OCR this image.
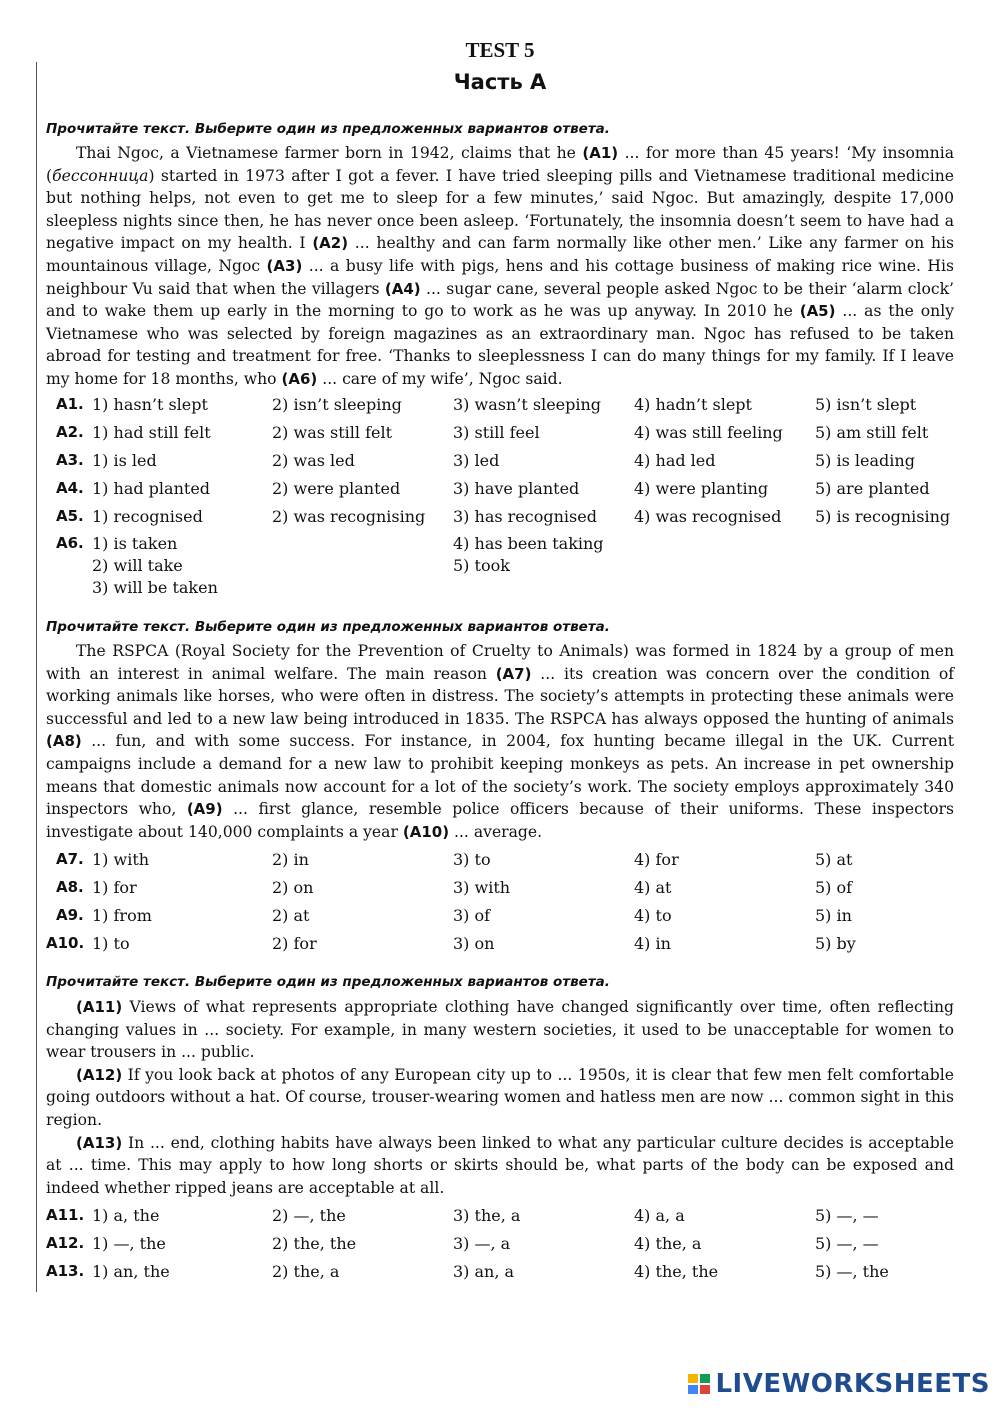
TEST 5
Часть А
Прочитайте текст. Выберите один из предложенных вариантов ответа.

Thai Ngoc, a Vietnamese farmer born in 1942, claims that he (A1) ... for more than 45 years! ‘My insomnia (бессонница) started in 1973 after I got a fever. I have tried sleeping pills and Vietnamese traditional medicine but nothing helps, not even to get me to sleep for a few minutes,’ said Ngoc. But amazingly, despite 17,000 sleepless nights since then, he has never once been asleep. ‘Fortunately, the insomnia doesn’t seem to have had a negative impact on my health. I (A2) ... healthy and can farm normally like other men.’ Like any farmer on his mountainous village, Ngoc (A3) ... a busy life with pigs, hens and his cottage business of making rice wine. His neighbour Vu said that when the villagers (A4) ... sugar cane, several people asked Ngoc to be their ‘alarm clock’ and to wake them up early in the morning to go to work as he was up anyway. In 2010 he (A5) ... as the only Vietnamese who was selected by foreign magazines as an extraordinary man. Ngoc has refused to be taken abroad for testing and treatment for free. ‘Thanks to sleeplessness I can do many things for my family. If I leave my home for 18 months, who (A6) ... care of my wife’, Ngoc said.

A1. 1) hasn’t slept	2) isn’t sleeping	3) wasn’t sleeping 4) hadn’t slept	5) isn’t slept
A2. 1) had still felt	2) was still felt	3) still feel	4) was still feeling 5) am still felt
A3. 1) is led	2) was led	3) led	4) had led	5) is leading
A4. 1) had planted	2) were planted	3) have planted	4) were planting	5) are planted
A5. 1) recognised	2) was recognising 3) has recognised 4) was recognised 5) is recognising
A6. 1) is taken
2) will take
3) will be taken
4) has been taking
5) took
Прочитайте текст. Выберите один из предложенных вариантов ответа.

The RSPCA (Royal Society for the Prevention of Cruelty to Animals) was formed in 1824 by a group of men with an interest in animal welfare. The main reason (A7) ... its creation was concern over the condition of working animals like horses, who were often in distress. The society’s attempts in protecting these animals were successful and led to a new law being introduced in 1835. The RSPCA has always opposed the hunting of animals (A8) ... fun, and with some success. For instance, in 2004, fox hunting became illegal in the UK. Current campaigns include a demand for a new law to prohibit keeping monkeys as pets. An increase in pet ownership means that domestic animals now account for a lot of the society’s work. The society employs approximately 340 inspectors who, (A9) ... first glance, resemble police officers because of their uniforms. These inspectors investigate about 140,000 complaints a year (A10) ... average.

A7. 1) with	2) in	3) to	4) for	5) at
A8. 1) for	2) on	3) with	4) at	5) of
A9. 1) from	2) at	3) of	4) to	5) in
A10. 1) to	2) for	3) on	4) in	5) by
Прочитайте текст. Выберите один из предложенных вариантов ответа.

(A11) Views of what represents appropriate clothing have changed significantly over time, often reflecting changing values in ... society. For example, in many western societies, it used to be unacceptable for women to wear trousers in ... public.

(A12) If you look back at photos of any European city up to ... 1950s, it is clear that few men felt comfortable going outdoors without a hat. Of course, trouser-wearing women and hatless men are now ... common sight in this region.

(A13) In ... end, clothing habits have always been linked to what any particular culture decides is acceptable at ... time. This may apply to how long shorts or skirts should be, what parts of the body can be exposed and indeed whether ripped jeans are acceptable at all.

A11. 1) a, the	2) —, the	3) the, a	4) a, a	5) —, —
A12. 1) —, the	2) the, the	3) —, a	4) the, a	5) —, —
A13. 1) an, the	2) the, a	3) an, a	4) the, the	5) —, the
LIVEWORKSHEETS
